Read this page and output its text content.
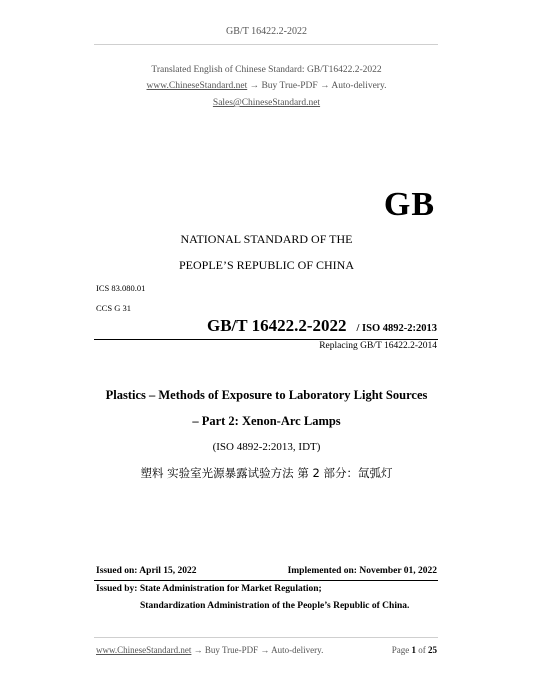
GB/T 16422.2-2022
Translated English of Chinese Standard: GB/T16422.2-2022
www.ChineseStandard.net → Buy True-PDF → Auto-delivery.
Sales@ChineseStandard.net
GB
NATIONAL STANDARD OF THE
PEOPLE’S REPUBLIC OF CHINA
ICS 83.080.01
CCS G 31
GB/T 16422.2-2022 / ISO 4892-2:2013
Replacing GB/T 16422.2-2014
Plastics – Methods of Exposure to Laboratory Light Sources
– Part 2: Xenon-Arc Lamps
(ISO 4892-2:2013, IDT)
塑料 实验室光源暴露试验方法 第 2 部分：氙弧灯
Issued on: April 15, 2022	Implemented on: November 01, 2022
Issued by: State Administration for Market Regulation;
Standardization Administration of the People’s Republic of China.
www.ChineseStandard.net → Buy True-PDF → Auto-delivery.	Page 1 of 25
